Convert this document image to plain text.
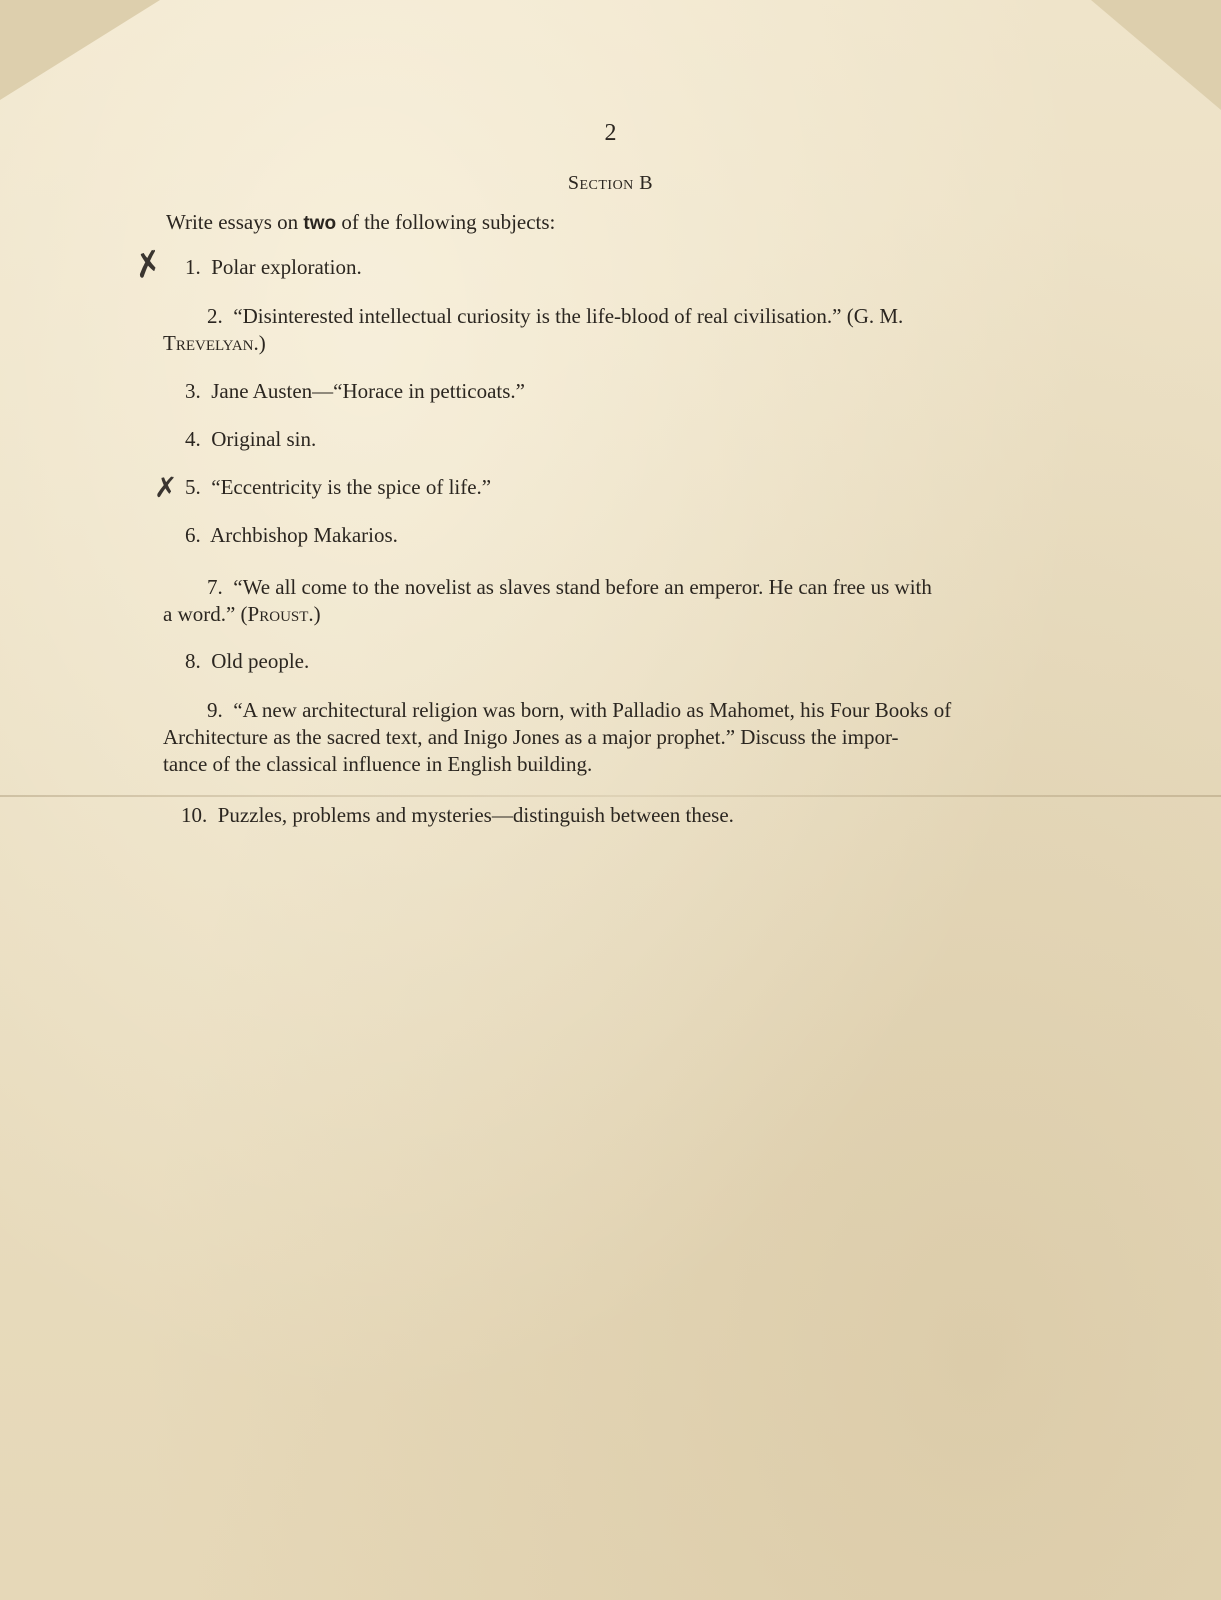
2
Section B
Write essays on two of the following subjects:
✗
✗
1. Polar exploration.
2. “Disinterested intellectual curiosity is the life-blood of real civilisation.” (G. M.
Trevelyan.)
3. Jane Austen—“Horace in petticoats.”
4. Original sin.
5. “Eccentricity is the spice of life.”
6. Archbishop Makarios.
7. “We all come to the novelist as slaves stand before an emperor. He can free us with
a word.” (Proust.)
8. Old people.
9. “A new architectural religion was born, with Palladio as Mahomet, his Four Books of
Architecture as the sacred text, and Inigo Jones as a major prophet.” Discuss the impor-
tance of the classical influence in English building.
10. Puzzles, problems and mysteries—distinguish between these.
